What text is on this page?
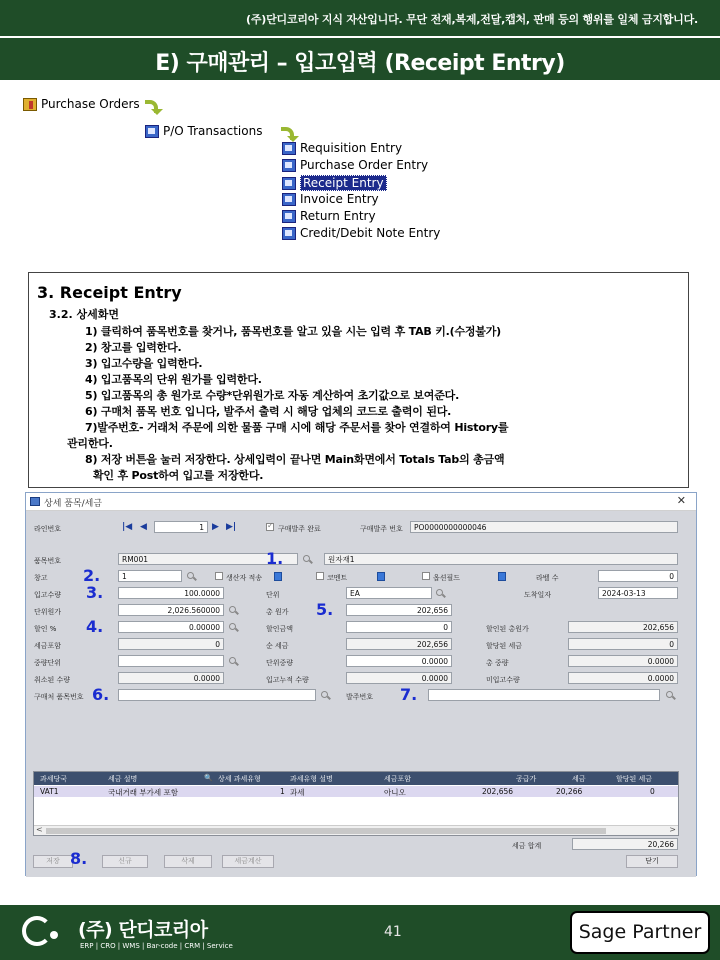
(주)단디코리아 지식 자산입니다. 무단 전재,복제,전달,캡처, 판매 등의 행위를 일체 금지합니다.
E) 구매관리 – 입고입력 (Receipt Entry)
Purchase Orders
P/O Transactions
Requisition Entry
Purchase Order Entry
Receipt Entry
Invoice Entry
Return Entry
Credit/Debit Note Entry
3. Receipt Entry
3.2. 상세화면
1) 클릭하여 품목번호를 찾거나, 품목번호를 알고 있을 시는 입력 후 TAB 키.(수정불가)
2) 창고를 입력한다.
3) 입고수량을 입력한다.
4) 입고품목의 단위 원가를 입력한다.
5) 입고품목의 총 원가로 수량*단위원가로 자동 계산하여 초기값으로 보여준다.
6) 구매처 품목 번호 입니다, 발주서 출력 시 해당 업체의 코드로 출력이 된다.
7)발주번호- 거래처 주문에 의한 물품 구매 시에 해당 주문서를 찾아 연결하여 History를
관리한다.
8) 저장 버튼을 눌러 저장한다. 상세입력이 끝나면 Main화면에서 Totals Tab의 총금액
확인 후 Post하여 입고를 저장한다.
상세 품목/세금	✕
라인번호	|◀ ◀	1 ▶ ▶|
✓	구매발주 완료	구매발주 번호	PO0000000000046
품목번호	RM001	원자재1
1.
창고 2.	1	생산자 적송	코멘트	옵션필드	라벨 수	0
입고수량 3.	100.0000	단위	EA	도착일자	2024-03-13
단위원가	2,026.560000	총 원가 5.	202,656
할인 % 4.	0.00000	할인금액	0	할인된 총원가	202,656
세금포함	0	순 세금	202,656	할당된 세금	0
중량단위	단위중량	0.0000	총 중량	0.0000
취소된 수량	0.0000	입고누적 수량	0.0000	미입고수량	0.0000
구매처 품목번호 6.	발주번호 7.
과세당국	세금 설명	🔍 상세 과세유형	과세유형 설명	세금포함	공급가	세금	할당된 세금
VAT1	국내거래 부가세 포함	1 과세	아니오	202,656	20,266	0
<	>
세금 합계	20,266
저장 8.	신규	삭제	세금계산	닫기
(주) 단디코리아
ERP | CRO | WMS | Bar-code | CRM | Service
41	Sage Partner
